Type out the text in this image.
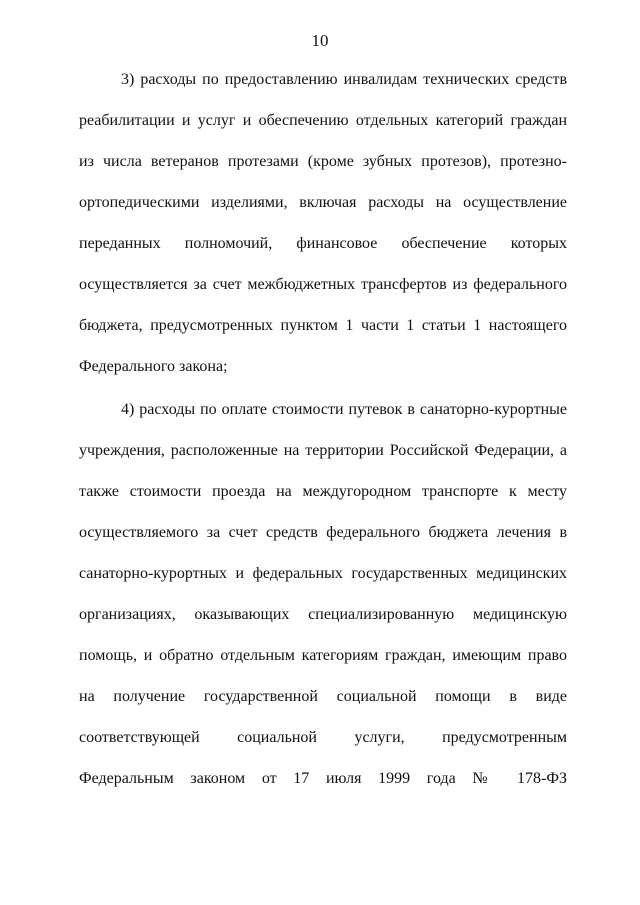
10
3) расходы по предоставлению инвалидам технических средств
реабилитации и услуг и обеспечению отдельных категорий граждан
из числа ветеранов протезами (кроме зубных протезов), протезно-
ортопедическими изделиями, включая расходы на осуществление
переданных полномочий, финансовое обеспечение которых
осуществляется за счет межбюджетных трансфертов из федерального
бюджета, предусмотренных пунктом 1 части 1 статьи 1 настоящего
Федерального закона;
4) расходы по оплате стоимости путевок в санаторно-курортные
учреждения, расположенные на территории Российской Федерации, а
также стоимости проезда на междугородном транспорте к месту
осуществляемого за счет средств федерального бюджета лечения в
санаторно-курортных и федеральных государственных медицинских
организациях, оказывающих специализированную медицинскую
помощь, и обратно отдельным категориям граждан, имеющим право
на получение государственной социальной помощи в виде
соответствующей социальной услуги, предусмотренным
Федеральным законом от 17 июля 1999 года № 178-ФЗ
